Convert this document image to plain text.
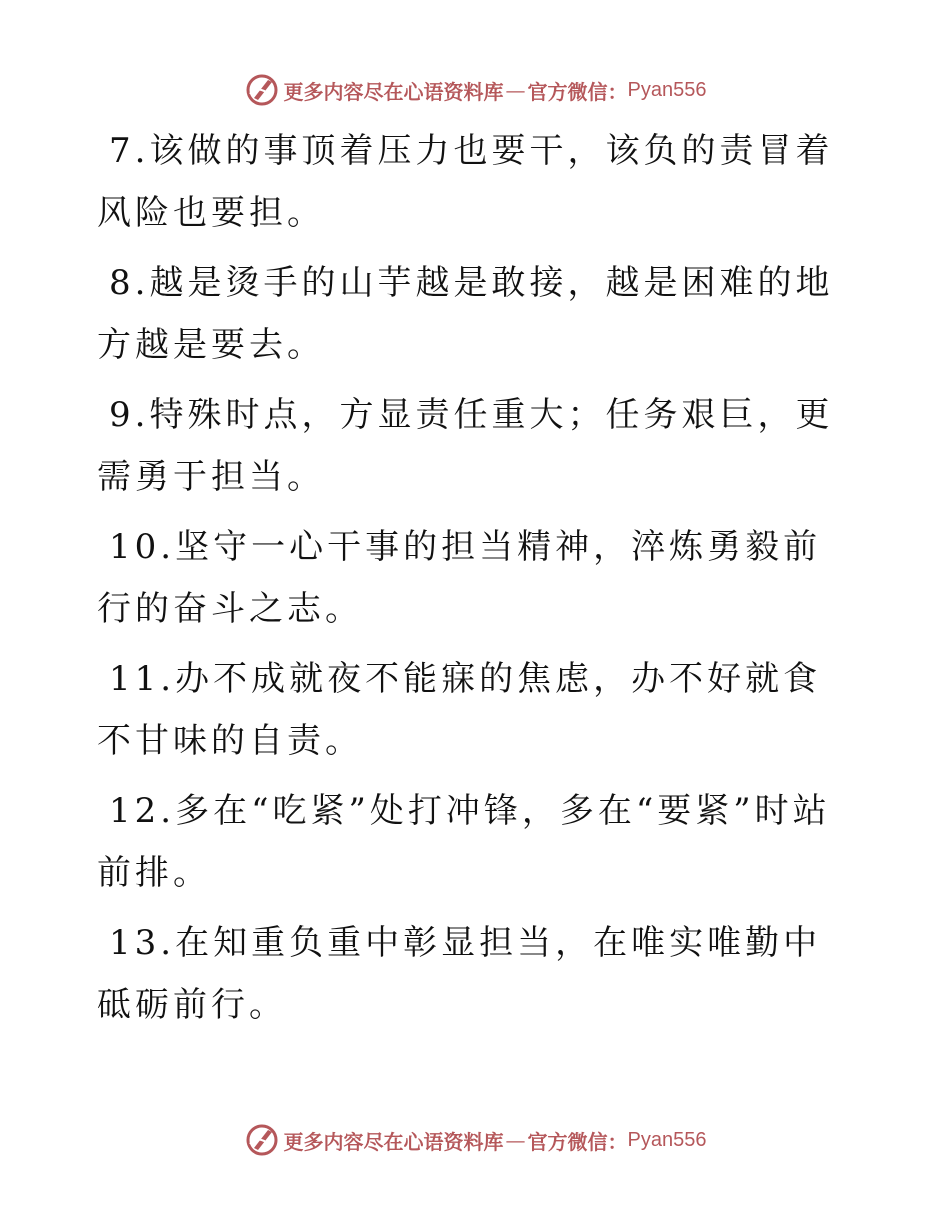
更多内容尽在心语资料库 — 官方微信： Pyan556

7.该做的事顶着压力也要干，该负的责冒着风险也要担。

8.越是烫手的山芋越是敢接，越是困难的地方越是要去。

9.特殊时点，方显责任重大；任务艰巨，更需勇于担当。

10.坚守一心干事的担当精神，淬炼勇毅前行的奋斗之志。

11.办不成就夜不能寐的焦虑，办不好就食不甘味的自责。

12.多在“吃紧”处打冲锋，多在“要紧”时站前排。

13.在知重负重中彰显担当，在唯实唯勤中砥砺前行。

更多内容尽在心语资料库 — 官方微信： Pyan556
